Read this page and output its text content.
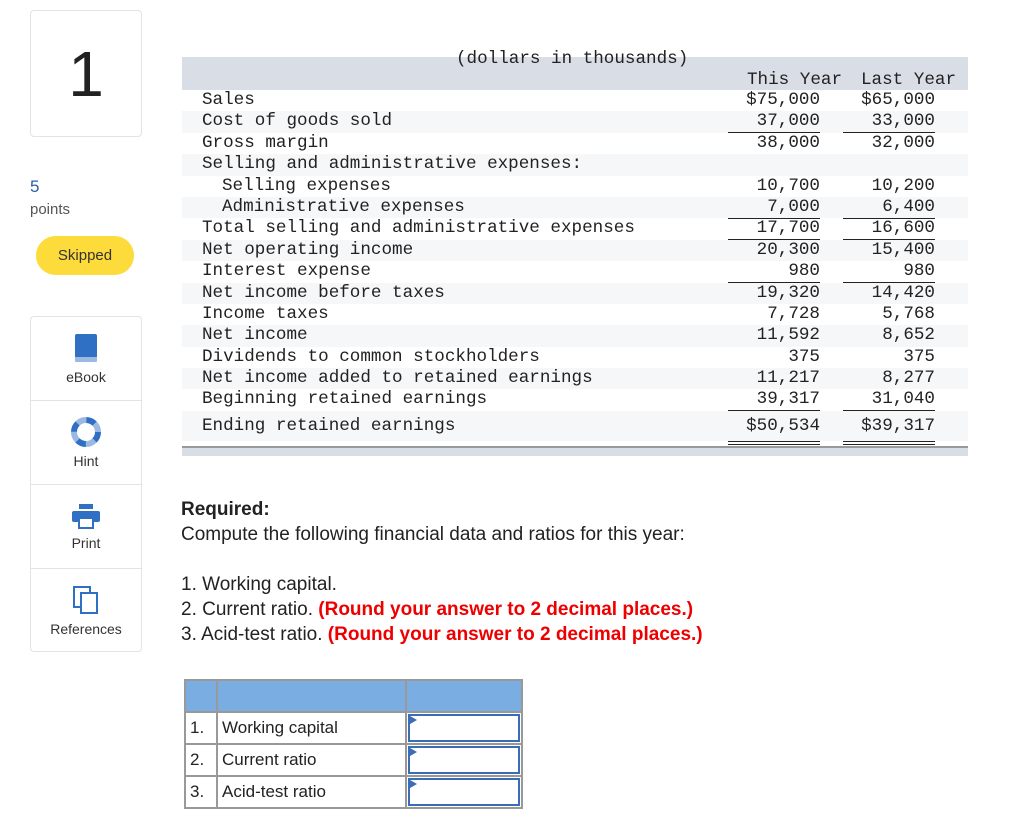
1
5
points
Skipped
eBook
Hint
Print
References
(dollars in thousands)
This Year Last Year
Sales	$75,000	$65,000
Cost of goods sold	37,000	33,000
Gross margin	38,000	32,000
Selling and administrative expenses:
Selling expenses	10,700	10,200
Administrative expenses	7,000	6,400
Total selling and administrative expenses	17,700	16,600
Net operating income	20,300	15,400
Interest expense	980	980
Net income before taxes	19,320	14,420
Income taxes	7,728	5,768
Net income	11,592	8,652
Dividends to common stockholders	375	375
Net income added to retained earnings	11,217	8,277
Beginning retained earnings	39,317	31,040
Ending retained earnings	$50,534	$39,317
Required:
Compute the following financial data and ratios for this year:
1. Working capital.
2. Current ratio. (Round your answer to 2 decimal places.)
3. Acid-test ratio. (Round your answer to 2 decimal places.)

1.	Working capital	

2.	Current ratio	

3.	Acid-test ratio	
